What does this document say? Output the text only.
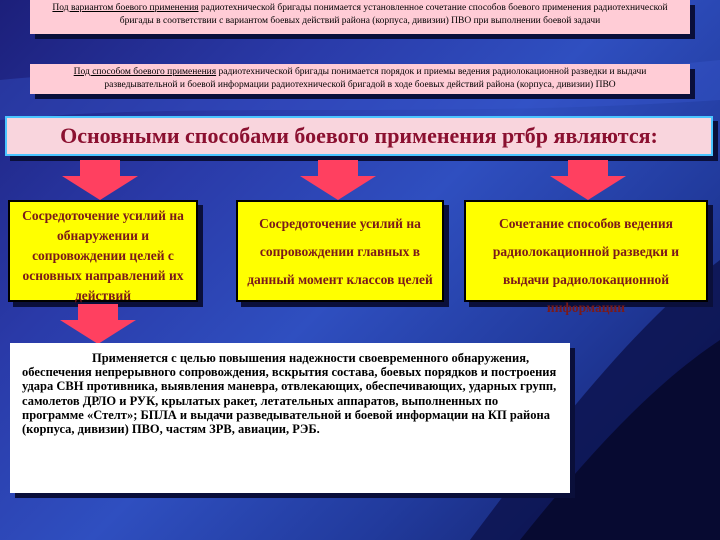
Под вариантом боевого применения радиотехнической бригады понимается установленное сочетание способов боевого применения радиотехнической бригады в соответствии с вариантом боевых действий района (корпуса, дивизии) ПВО при выполнении боевой задачи
Под способом боевого применения радиотехнической бригады понимается порядок и приемы ведения радиолокационной разведки и выдачи разведывательной и боевой информации радиотехнической бригадой в ходе боевых действий района (корпуса, дивизии) ПВО
Основными способами боевого применения ртбр являются:
Сосредоточение усилий на обнаружении и сопровождении целей с основных направлений их действий
Сосредоточение усилий на сопровождении главных в данный момент классов целей
Сочетание способов ведения радиолокационной разведки и выдачи радиолокационной информации
Применяется с целью повышения надежности своевременного обнаружения, обеспечения непрерывного сопровождения, вскрытия состава, боевых порядков и построения удара СВН противника, выявления маневра, отвлекающих, обеспечивающих, ударных групп, самолетов ДРЛО и РУК, крылатых ракет, летательных аппаратов, выполненных по программе «Стелт»; БПЛА и выдачи разведывательной и боевой информации на КП района (корпуса, дивизии) ПВО, частям ЗРВ, авиации, РЭБ.
